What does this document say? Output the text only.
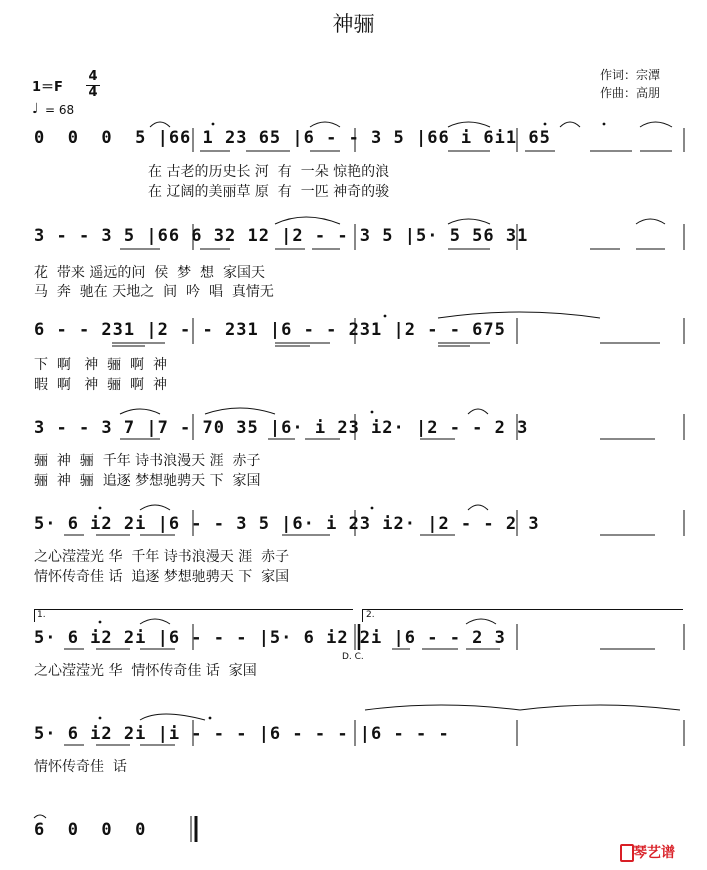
神骊
作词：宗潭
作曲：高朋
1＝F
4
4
♩ = 68
0  0  0  5 |66 1 23 65 |6 - - 3 5 |66 i 6i1 65
在 古老的历史长 河  有  一朵 惊艳的浪
在 辽阔的美丽草 原  有  一匹 神奇的骏
3 - - 3 5 |66 6 32 12 |2 - - 3 5 |5· 5 56 31
花  带来 遥远的问  侯  梦  想  家国天
马  奔  驰在 天地之  间  吟  唱  真情无
6 - - 231 |2 - - 231 |6 - - 231 |2 - - 675
下  啊   神  骊  啊  神
暇  啊   神  骊  啊  神
3 - - 3 7 |7 - 70 35 |6· i 23 i2· |2 - - 2 3
骊  神  骊  千年 诗书浪漫天 涯  赤子
骊  神  骊  追逐 梦想驰骋天 下  家国
5· 6 i2 2i |6 - - 3 5 |6· i 23 i2· |2 - - 2 3
之心滢滢光 华  千年 诗书浪漫天 涯  赤子
情怀传奇佳 话  追逐 梦想驰骋天 下  家国
1.	2.
5· 6 i2 2i |6 - - - |5· 6 i2 2i |6 - - 2 3
D. C.
之心滢滢光 华  情怀传奇佳 话  家国
5· 6 i2 2i |i - - - |6 - - - |6 - - -
情怀传奇佳  话
6  0  0  0
琴艺谱
